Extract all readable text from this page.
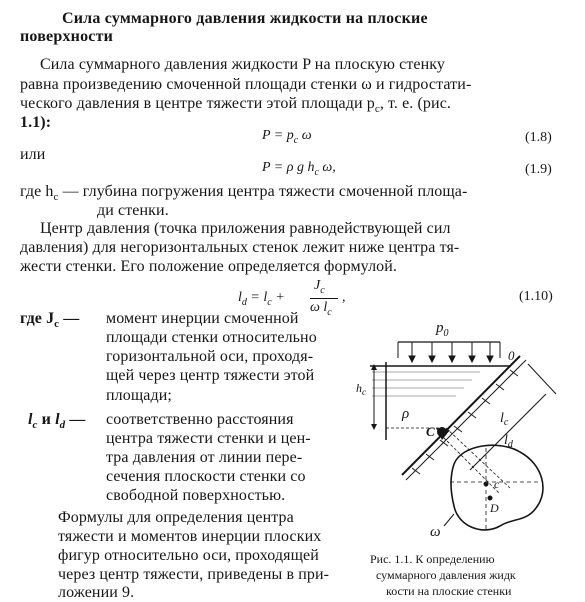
Сила суммарного давления жидкости на плоские
поверхности
Сила суммарного давления жидкости P на плоскую стенку
равна произведению смоченной площади стенки ω и гидростати-
ческого давления в центре тяжести этой площади $p_c$, т. е. (рис.
1.1):
$P = p_c$ ω	(1.8)
или
P = ρ g $h_c$ ω,	(1.9)
где $h_c$ — глубина погружения центра тяжести смоченной площа-
ди стенки.
Центр давления (точка приложения равнодействующей сил
давления) для негоризонтальных стенок лежит ниже центра тя-
жести стенки. Его положение определяется формулой.
$l_d = l_c$ +
$J_c$
ω $l_c$
,	(1.10)
где $J_c$ — момент инерции смоченной
площади стенки относительно
горизонтальной оси, проходя-
щей через центр тяжести этой
площади;
$l_c$ и $l_d$ — соответственно расстояния
центра тяжести стенки и цен-
тра давления от линии пере-
сечения плоскости стенки со
свободной поверхностью.
Формулы для определения центра
тяжести и моментов инерции плоских
фигур относительно оси, проходящей
через центр тяжести, приведены в при-
ложении 9.
$p_0$
0
$h_c$
ρ	$l_c$
$l_d$
C
c
D
ω
Рис. 1.1. К определению
суммарного давления жидк
кости на плоские стенки
